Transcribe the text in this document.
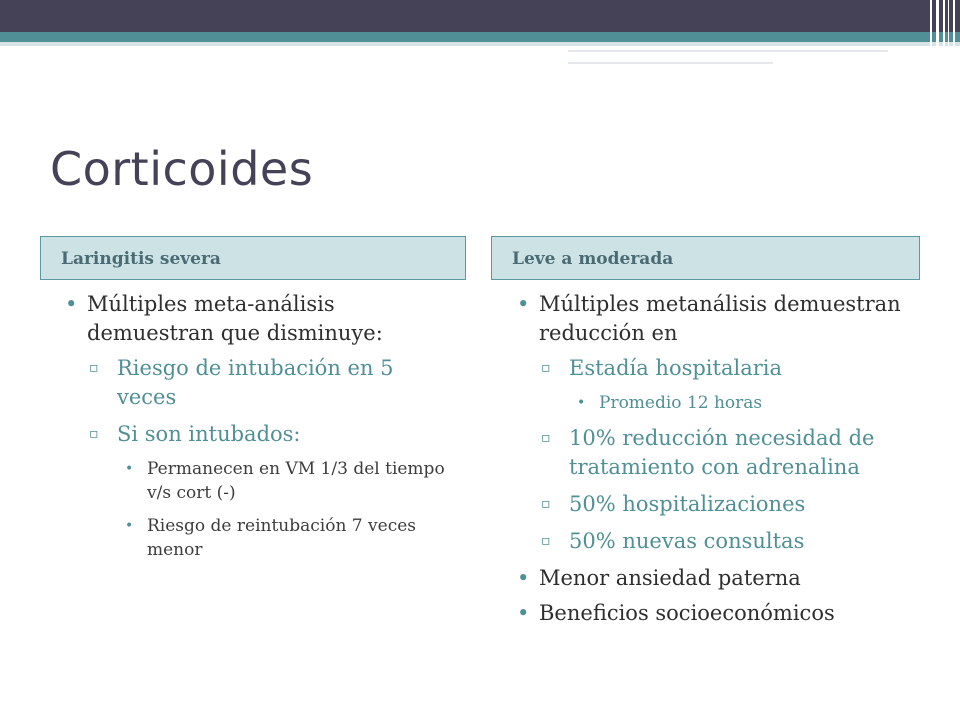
Corticoides
Laringitis severa	Leve a moderada
• Múltiples meta-análisis demuestran que disminuye:
▫ Riesgo de intubación en 5 veces
▫ Si son intubados:
• Permanecen en VM 1/3 del tiempo v/s cort (-)
• Riesgo de reintubación 7 veces menor
• Múltiples metanálisis demuestran reducción en
▫ Estadía hospitalaria
• Promedio 12 horas
▫ 10% reducción necesidad de tratamiento con adrenalina
▫ 50% hospitalizaciones
▫ 50% nuevas consultas
• Menor ansiedad paterna
• Beneficios socioeconómicos
